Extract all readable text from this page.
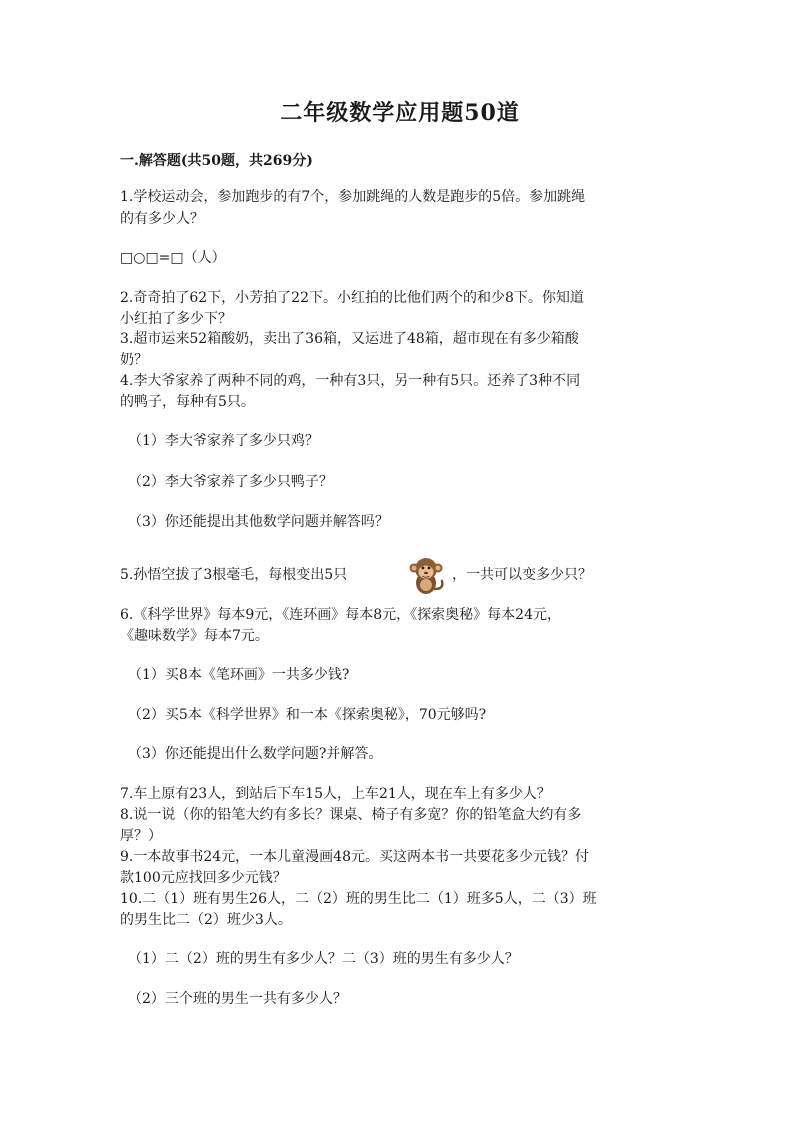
二年级数学应用题50道
一.解答题(共50题，共269分)
1.学校运动会，参加跑步的有7个，参加跳绳的人数是跑步的5倍。参加跳绳
的有多少人？
□○□=□（人）
2.奇奇拍了62下，小芳拍了22下。小红拍的比他们两个的和少8下。你知道
小红拍了多少下？
3.超市运来52箱酸奶，卖出了36箱，又运进了48箱，超市现在有多少箱酸
奶？
4.李大爷家养了两种不同的鸡，一种有3只，另一种有5只。还养了3种不同
的鸭子，每种有5只。
（1）李大爷家养了多少只鸡？
（2）李大爷家养了多少只鸭子？
（3）你还能提出其他数学问题并解答吗？
5.孙悟空拔了3根毫毛，每根变出5只	，一共可以变多少只？
6.《科学世界》每本9元，《连环画》每本8元，《探索奥秘》每本24元，
《趣味数学》每本7元。
（1）买8本《笔环画》一共多少钱?
（2）买5本《科学世界》和一本《探索奥秘》，70元够吗?
（3）你还能提出什么数学问题?并解答。
7.车上原有23人，到站后下车15人，上车21人，现在车上有多少人？
8.说一说（你的铅笔大约有多长？课桌、椅子有多宽？你的铅笔盒大约有多
厚？）
9.一本故事书24元，一本儿童漫画48元。买这两本书一共要花多少元钱？付
款100元应找回多少元钱？
10.二（1）班有男生26人，二（2）班的男生比二（1）班多5人，二（3）班
的男生比二（2）班少3人。
（1）二（2）班的男生有多少人？二（3）班的男生有多少人？
（2）三个班的男生一共有多少人？
